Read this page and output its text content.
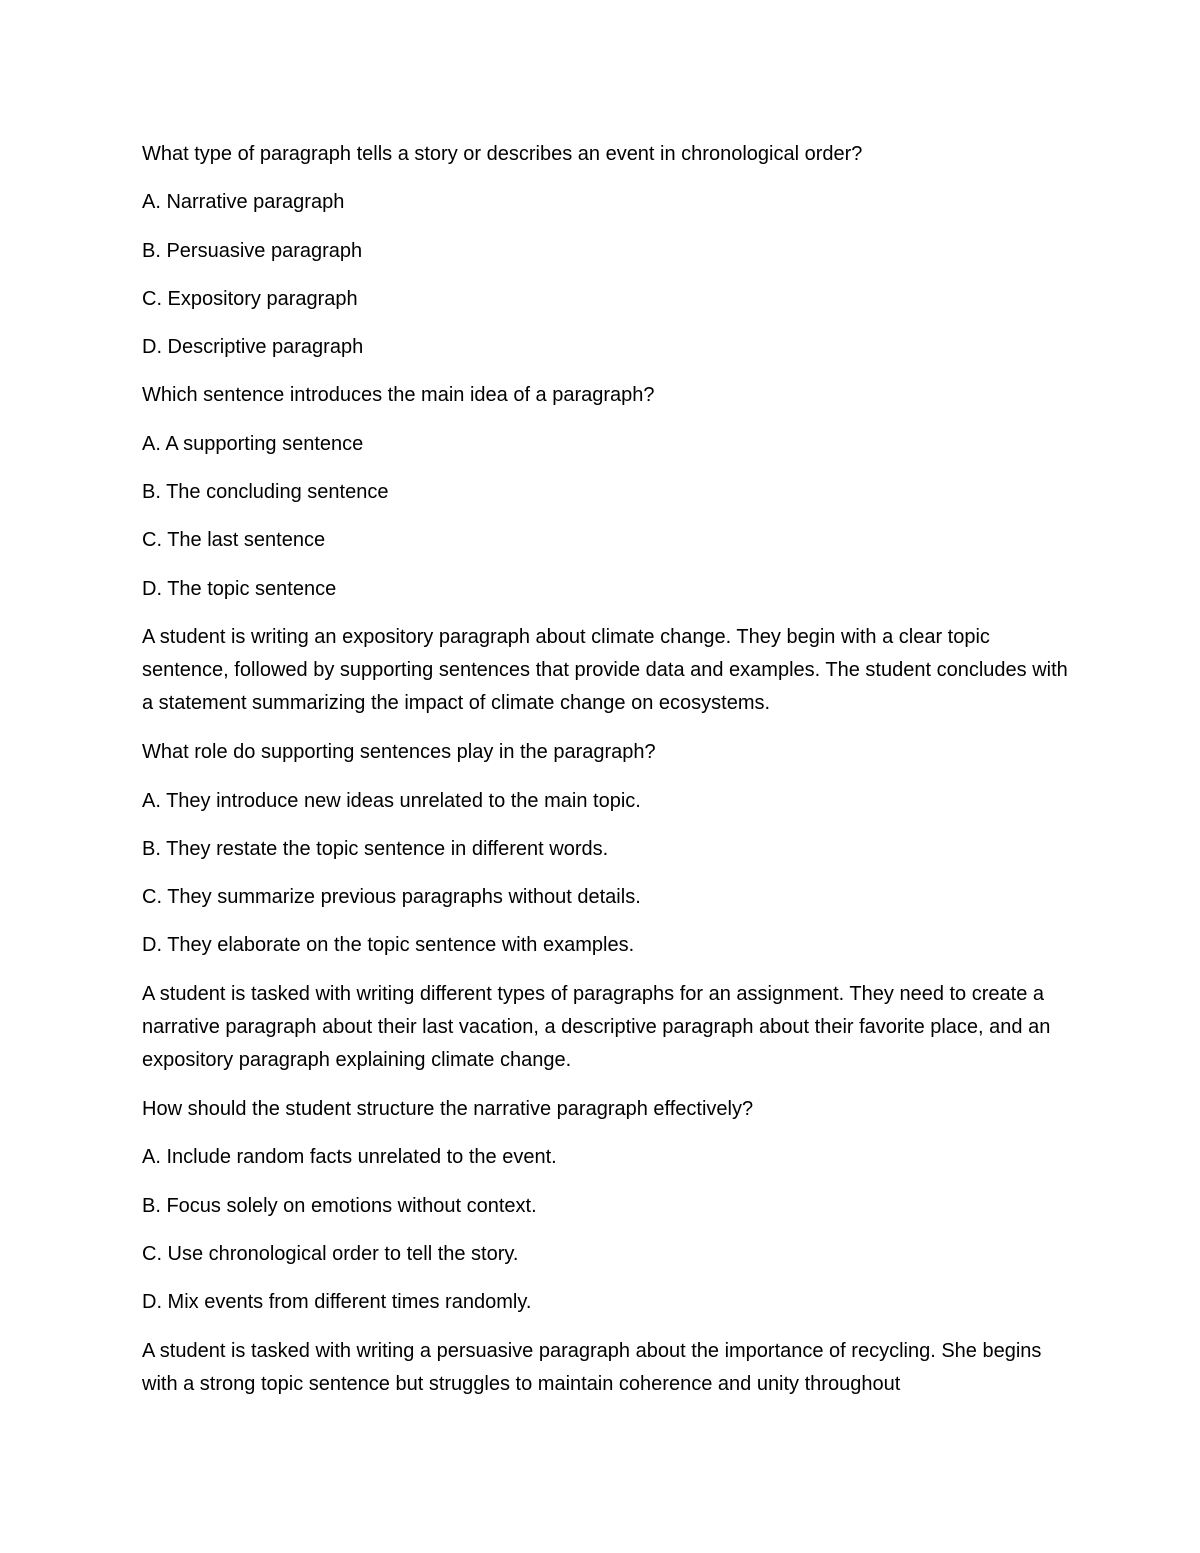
What type of paragraph tells a story or describes an event in chronological order?

A. Narrative paragraph

B. Persuasive paragraph

C. Expository paragraph

D. Descriptive paragraph

Which sentence introduces the main idea of a paragraph?

A. A supporting sentence

B. The concluding sentence

C. The last sentence

D. The topic sentence

A student is writing an expository paragraph about climate change. They begin with a clear topic sentence, followed by supporting sentences that provide data and examples. The student concludes with a statement summarizing the impact of climate change on ecosystems.

What role do supporting sentences play in the paragraph?

A. They introduce new ideas unrelated to the main topic.

B. They restate the topic sentence in different words.

C. They summarize previous paragraphs without details.

D. They elaborate on the topic sentence with examples.

A student is tasked with writing different types of paragraphs for an assignment. They need to create a narrative paragraph about their last vacation, a descriptive paragraph about their favorite place, and an expository paragraph explaining climate change.

How should the student structure the narrative paragraph effectively?

A. Include random facts unrelated to the event.

B. Focus solely on emotions without context.

C. Use chronological order to tell the story.

D. Mix events from different times randomly.

A student is tasked with writing a persuasive paragraph about the importance of recycling. She begins with a strong topic sentence but struggles to maintain coherence and unity throughout
